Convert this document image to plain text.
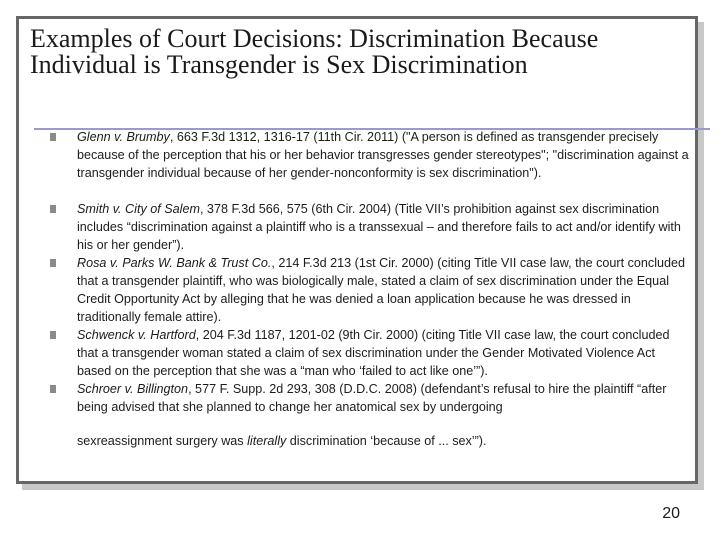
Examples of Court Decisions: Discrimination Because Individual is Transgender is Sex Discrimination
Glenn v. Brumby, 663 F.3d 1312, 1316-17 (11th Cir. 2011) ("A person is defined as transgender precisely because of the perception that his or her behavior transgresses gender stereotypes"; "discrimination against a transgender individual because of her gender-nonconformity is sex discrimination").
Smith v. City of Salem, 378 F.3d 566, 575 (6th Cir. 2004) (Title VII’s prohibition against sex discrimination includes “discrimination against a plaintiff who is a transsexual – and therefore fails to act and/or identify with his or her gender”).
Rosa v. Parks W. Bank & Trust Co., 214 F.3d 213 (1st Cir. 2000) (citing Title VII case law, the court concluded that a transgender plaintiff, who was biologically male, stated a claim of sex discrimination under the Equal Credit Opportunity Act by alleging that he was denied a loan application because he was dressed in traditionally female attire).
Schwenck v. Hartford, 204 F.3d 1187, 1201-02 (9th Cir. 2000) (citing Title VII case law, the court concluded that a transgender woman stated a claim of sex discrimination under the Gender Motivated Violence Act based on the perception that she was a “man who ‘failed to act like one’”).
Schroer v. Billington, 577 F. Supp. 2d 293, 308 (D.D.C. 2008) (defendant’s refusal to hire the plaintiff “after being advised that she planned to change her anatomical sex by undergoing
sexreassignment surgery was literally discrimination ‘because of ... sex’”).
20
